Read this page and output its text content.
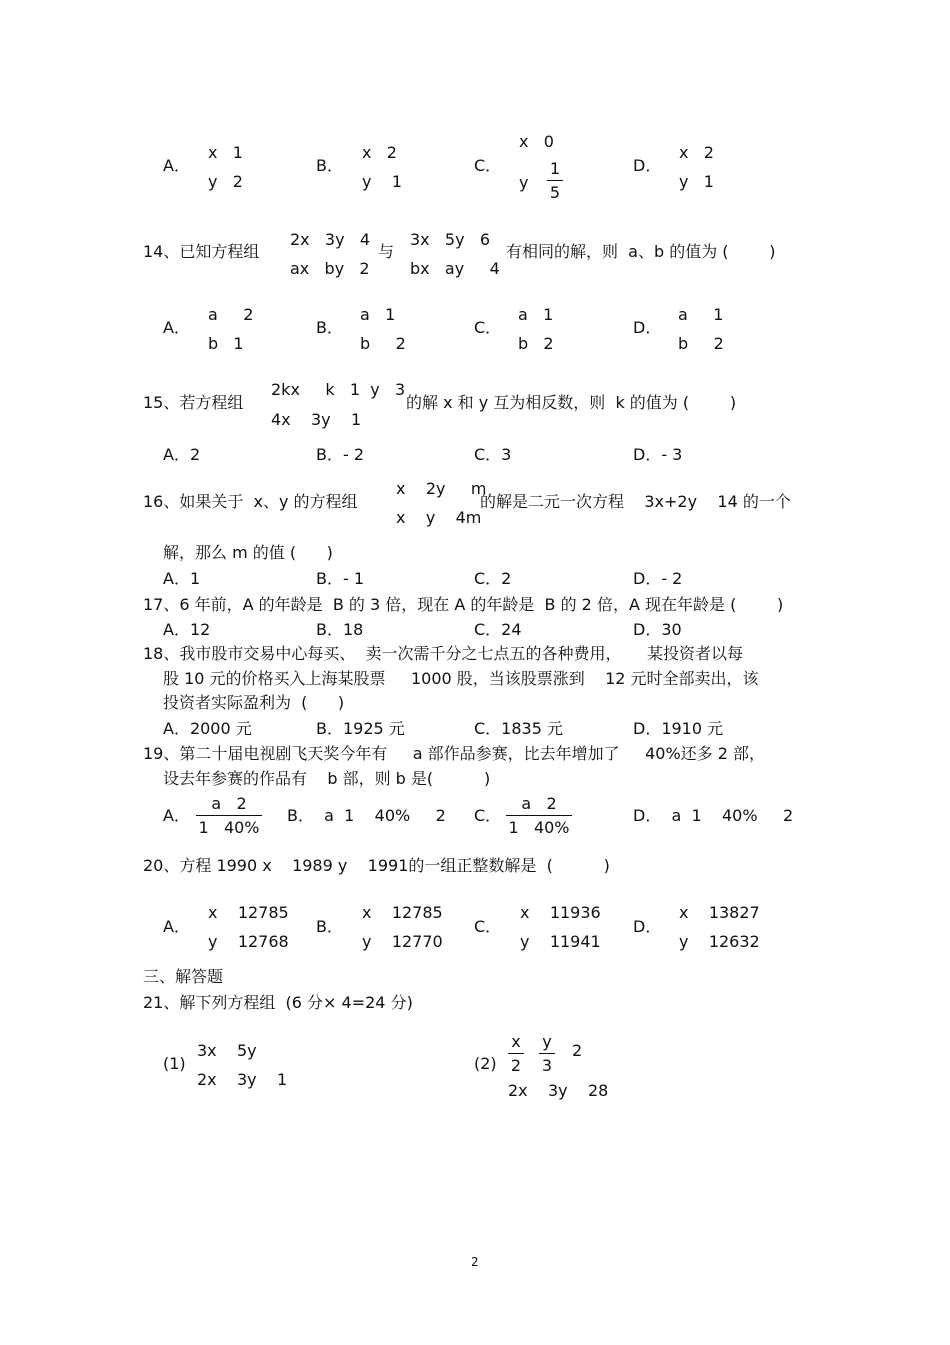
A．
x   1
y   2
B．
x   2
y    1
C．
x   0
y
1
5
D．
x   2
y   1
14、已知方程组
2x   3y   4
ax   by   2
与
3x   5y   6
bx   ay     4
有相同的解，则  a、b 的值为 (        )
A．
a     2
b   1
B．
a   1
b     2
C．
a   1
b   2
D．
a     1
b     2
15、若方程组
2kx     k   1  y   3
4x    3y    1
的解 x 和 y 互为相反数，则  k 的值为 (        )
A．2	B．- 2	C．3	D．- 3
16、如果关于  x、y 的方程组
x    2y     m
x    y    4m
的解是二元一次方程    3x+2y    14 的一个
解，那么 m 的值 (      )
A．1	B．- 1	C．2	D．- 2
17、6 年前，A 的年龄是  B 的 3 倍，现在 A 的年龄是  B 的 2 倍，A 现在年龄是 (        )
A．12	B．18	C．24	D．30
18、我市股市交易中心每买、  卖一次需千分之七点五的各种费用，     某投资者以每
股 10 元的价格买入上海某股票     1000 股，当该股票涨到    12 元时全部卖出，该
投资者实际盈利为  (      )
A．2000 元	B．1925 元	C．1835 元	D．1910 元
19、第二十届电视剧飞天奖今年有     a 部作品参赛，比去年增加了     40%还多 2 部，
设去年参赛的作品有    b 部，则 b 是(          )
A．
a   2
1   40%
B．  a  1    40%     2 C．
a   2
1   40%
D．  a  1    40%     2
20、方程 1990 x    1989 y    1991的一组正整数解是  (          )
A．
x    12785
y    12768
B．
x    12785
y    12770
C．
x    11936
y    11941
D．
x    13827
y    12632
三、解答题
21、解下列方程组  (6 分× 4=24 分)
(1)
3x    5y
2x    3y    1
(2)
x
2
y
3
2
2x    3y    28
2
